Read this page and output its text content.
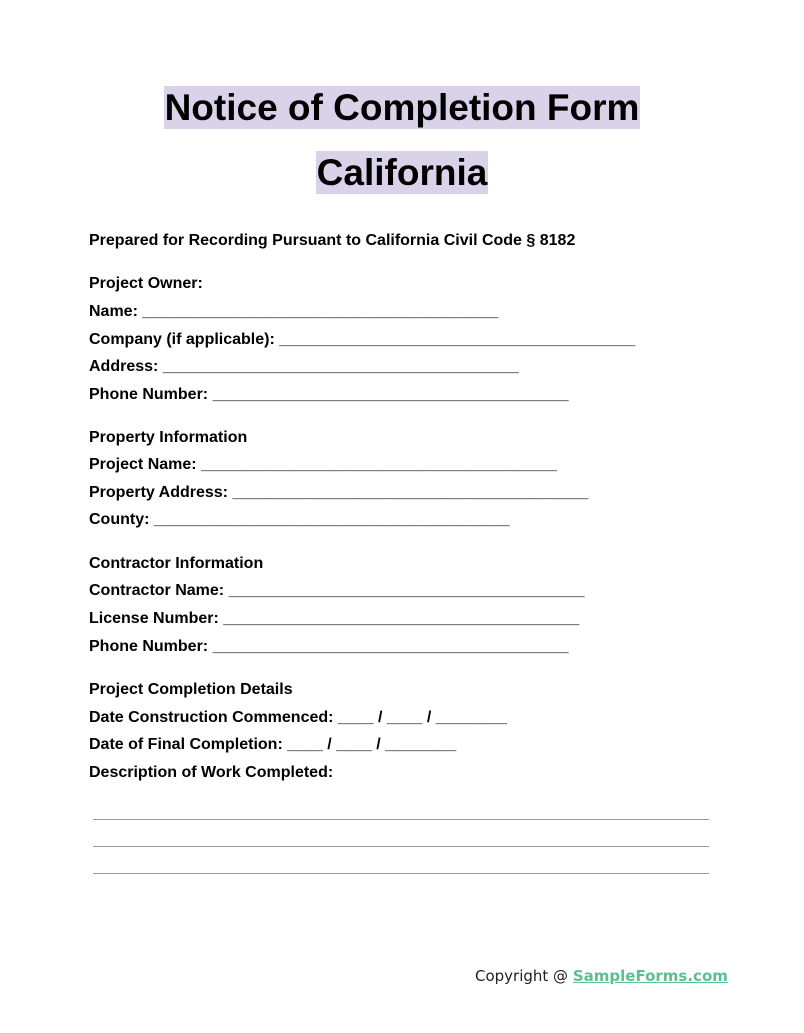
Notice of Completion Form
California
Prepared for Recording Pursuant to California Civil Code § 8182
Project Owner:
Name: ________________________________________
Company (if applicable): ________________________________________
Address: ________________________________________
Phone Number: ________________________________________
Property Information
Project Name: ________________________________________
Property Address: ________________________________________
County: ________________________________________
Contractor Information
Contractor Name: ________________________________________
License Number: ________________________________________
Phone Number: ________________________________________
Project Completion Details
Date Construction Commenced: ____ / ____ / ________
Date of Final Completion: ____ / ____ / ________
Description of Work Completed:
Copyright @ SampleForms.com
